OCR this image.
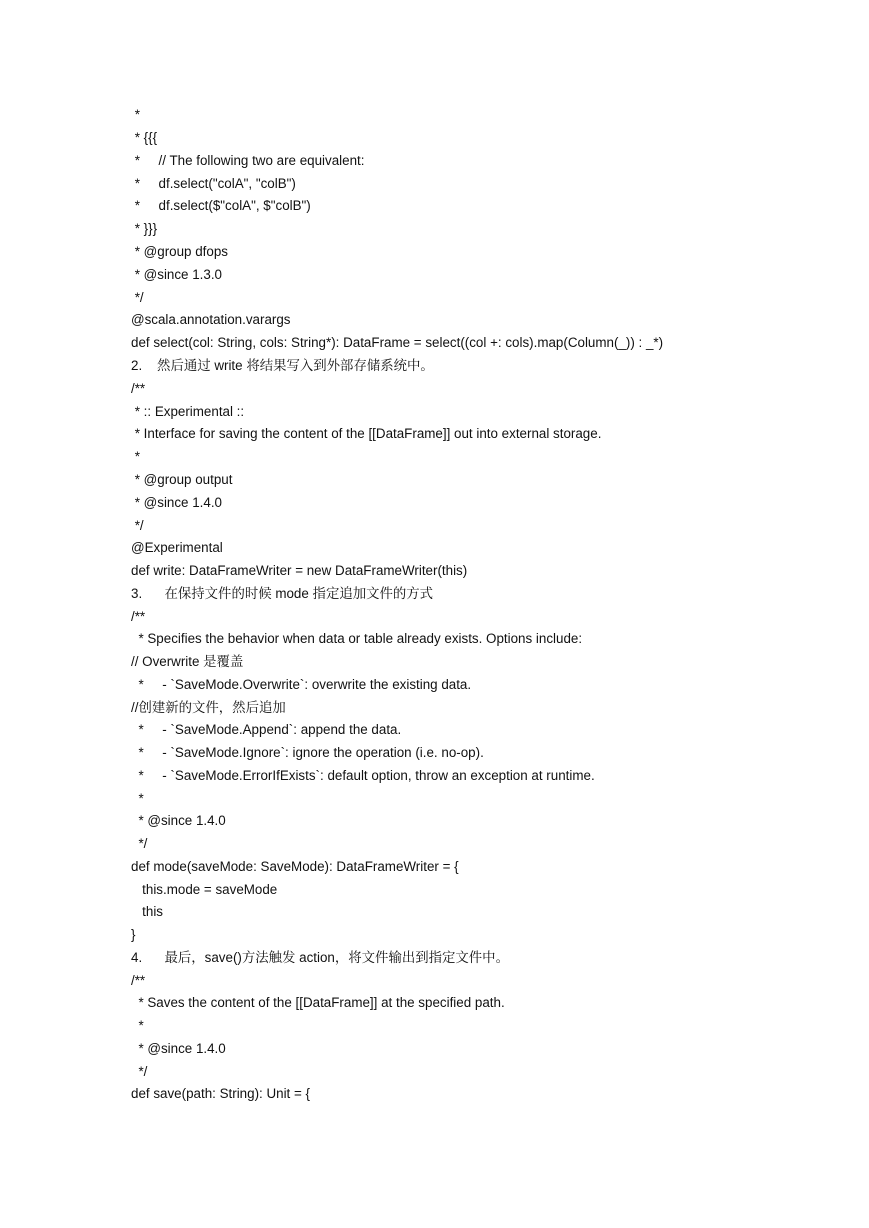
*

* {{{

*     // The following two are equivalent:

*     df.select("colA", "colB")

*     df.select($"colA", $"colB")

* }}}

* @group dfops

* @since 1.3.0

*/

@scala.annotation.varargs

def select(col: String, cols: String*): DataFrame = select((col +: cols).map(Column(_)) : _*)

2.    然后通过 write 将结果写入到外部存储系统中。

/**

* :: Experimental ::

* Interface for saving the content of the [[DataFrame]] out into external storage.

*

* @group output

* @since 1.4.0

*/

@Experimental

def write: DataFrameWriter = new DataFrameWriter(this)

3.      在保持文件的时候 mode 指定追加文件的方式

/**

* Specifies the behavior when data or table already exists. Options include:

// Overwrite 是覆盖

*     - `SaveMode.Overwrite`: overwrite the existing data.

//创建新的文件，然后追加

*     - `SaveMode.Append`: append the data.

*     - `SaveMode.Ignore`: ignore the operation (i.e. no-op).

*     - `SaveMode.ErrorIfExists`: default option, throw an exception at runtime.

*

* @since 1.4.0

*/

def mode(saveMode: SaveMode): DataFrameWriter = {

this.mode = saveMode

this

}

4.      最后，save()方法触发 action，将文件输出到指定文件中。

/**

* Saves the content of the [[DataFrame]] at the specified path.

*

* @since 1.4.0

*/

def save(path: String): Unit = {
